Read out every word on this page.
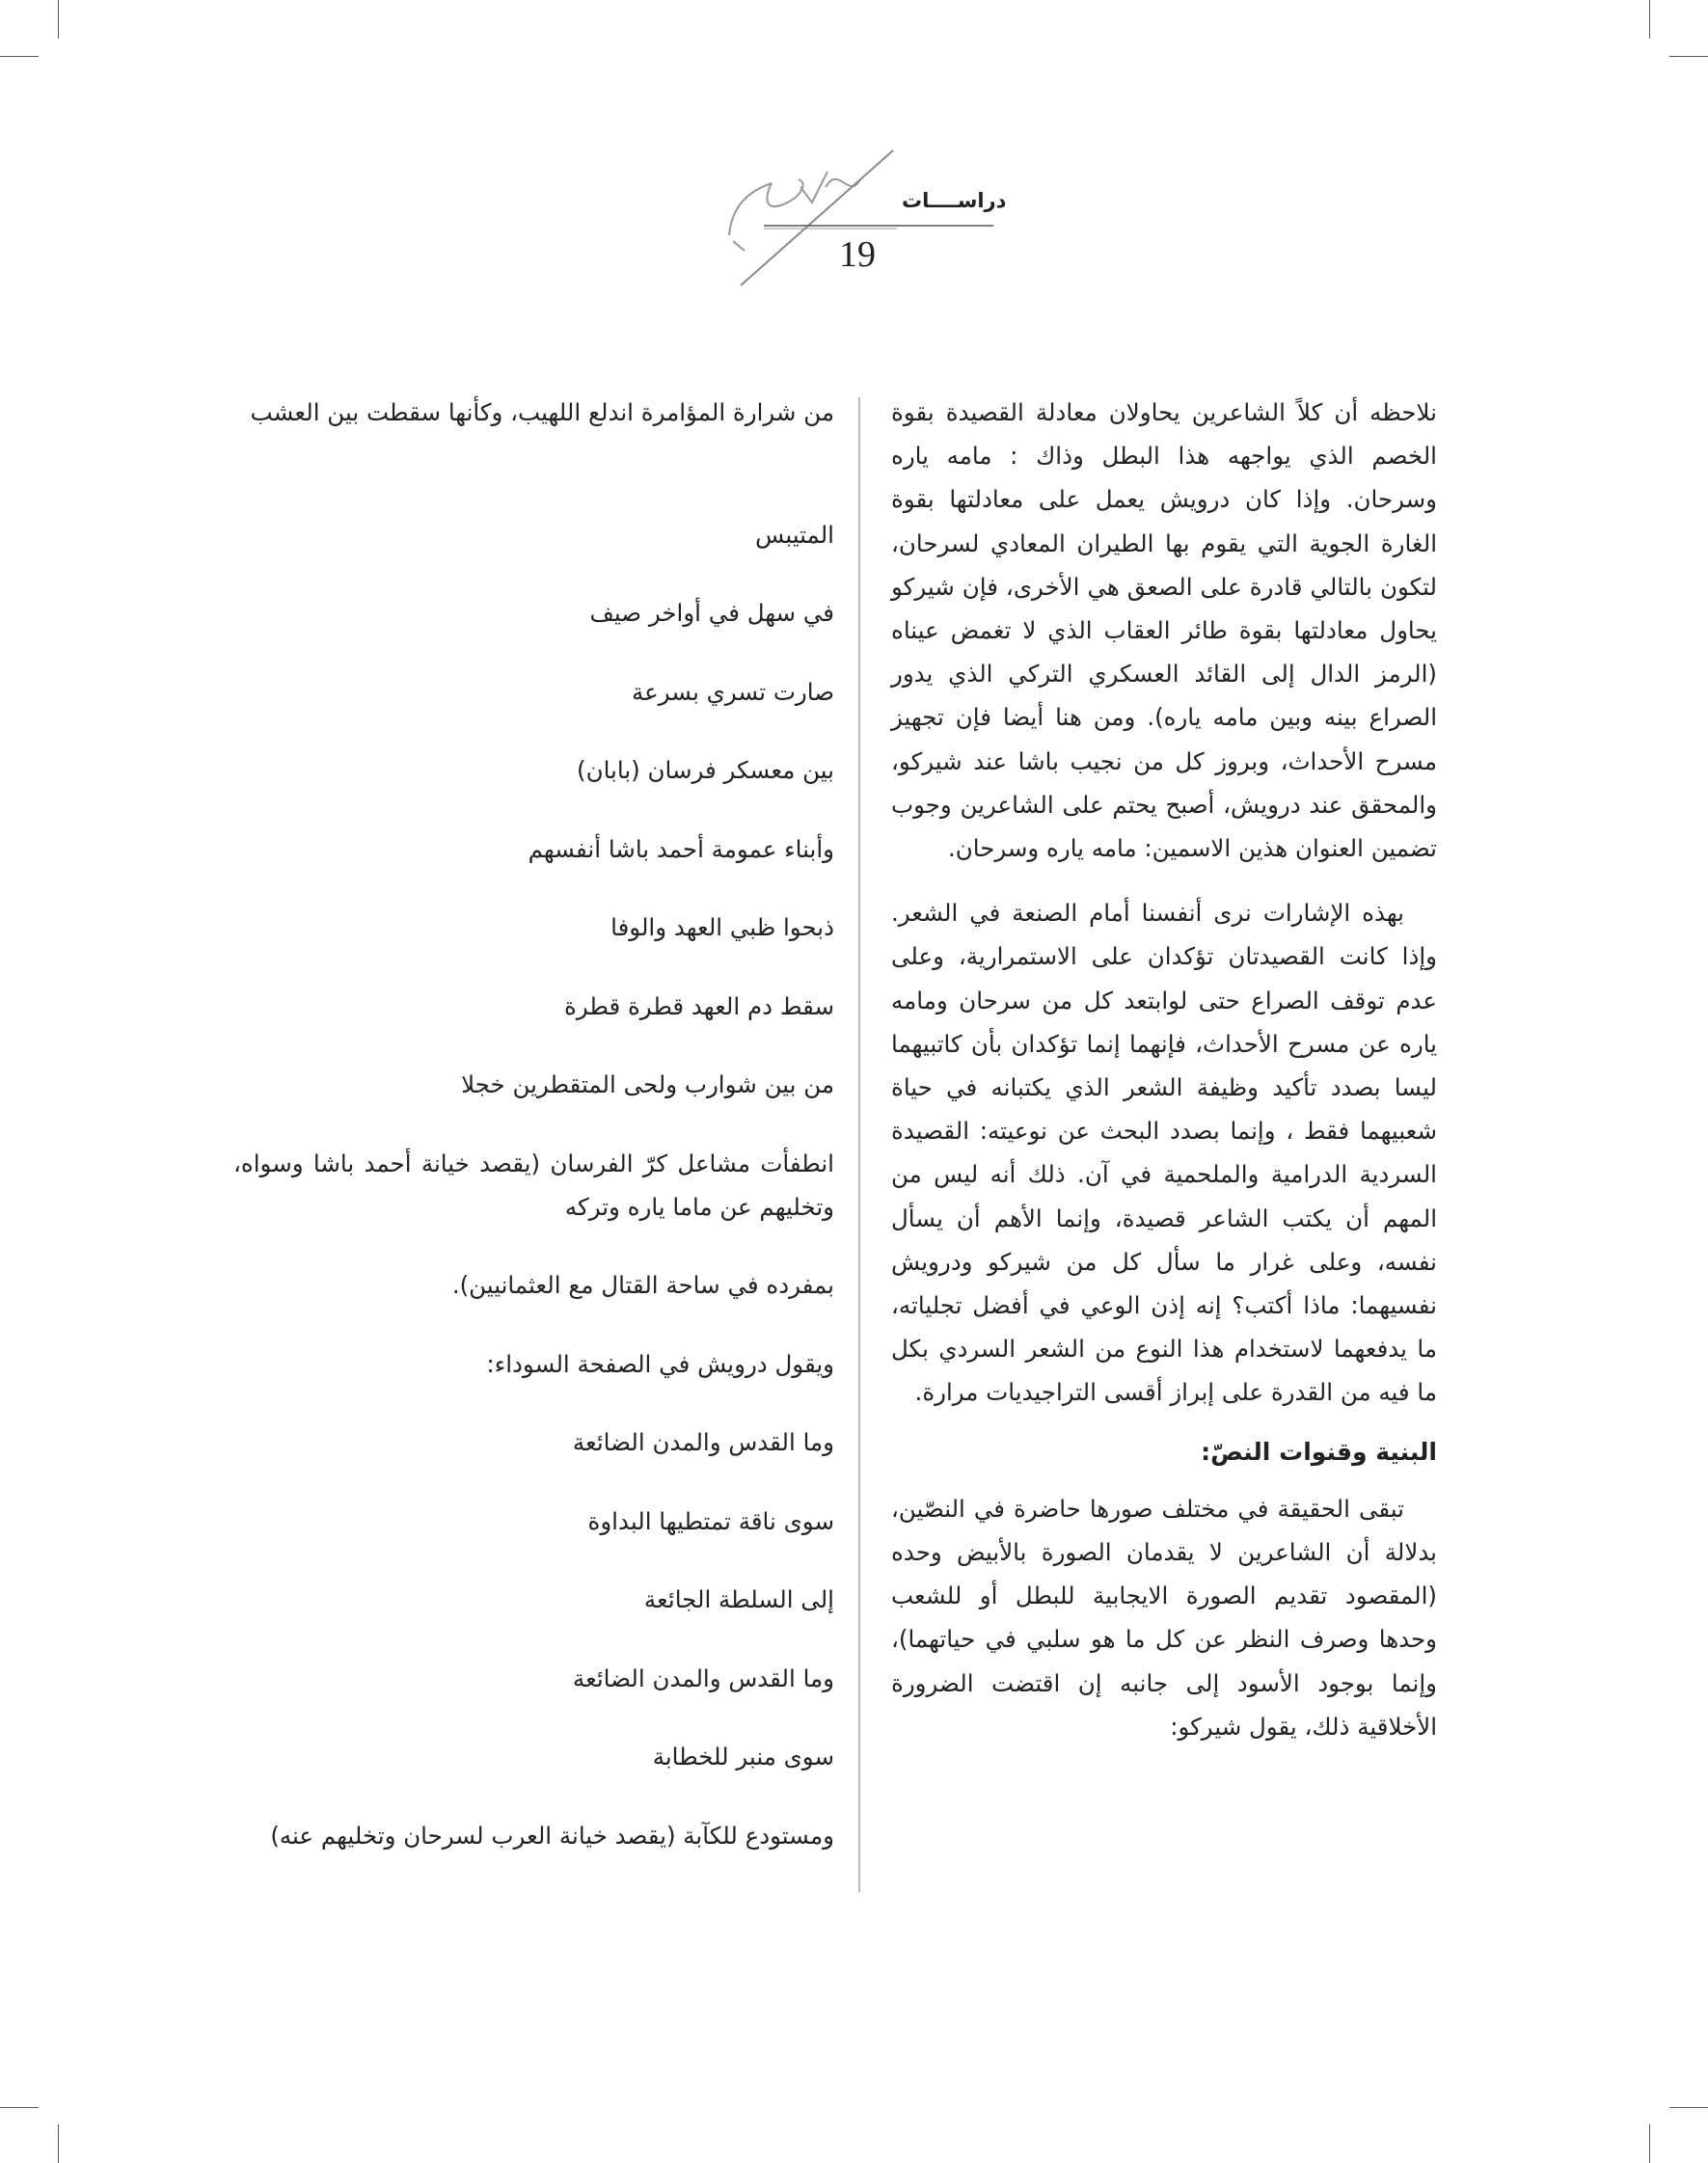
دراســــات
19

نلاحظه أن كلاً الشاعرين يحاولان معادلة القصيدة بقوة الخصم الذي يواجهه هذا البطل وذاك : مامه ياره وسرحان. وإذا كان درويش يعمل على معادلتها بقوة الغارة الجوية التي يقوم بها الطيران المعادي لسرحان، لتكون بالتالي قادرة على الصعق هي الأخرى، فإن شيركو يحاول معادلتها بقوة طائر العقاب الذي لا تغمض عيناه (الرمز الدال إلى القائد العسكري التركي الذي يدور الصراع بينه وبين مامه ياره). ومن هنا أيضا فإن تجهيز مسرح الأحداث، وبروز كل من نجيب باشا عند شيركو، والمحقق عند درويش، أصبح يحتم على الشاعرين وجوب تضمين العنوان هذين الاسمين: مامه ياره وسرحان.

بهذه الإشارات نرى أنفسنا أمام الصنعة في الشعر. وإذا كانت القصيدتان تؤكدان على الاستمرارية، وعلى عدم توقف الصراع حتى لوابتعد كل من سرحان ومامه ياره عن مسرح الأحداث، فإنهما إنما تؤكدان بأن كاتبيهما ليسا بصدد تأكيد وظيفة الشعر الذي يكتبانه في حياة شعبيهما فقط ، وإنما بصدد البحث عن نوعيته: القصيدة السردية الدرامية والملحمية في آن. ذلك أنه ليس من المهم أن يكتب الشاعر قصيدة، وإنما الأهم أن يسأل نفسه، وعلى غرار ما سأل كل من شيركو ودرويش نفسيهما: ماذا أكتب؟ إنه إذن الوعي في أفضل تجلياته، ما يدفعهما لاستخدام هذا النوع من الشعر السردي بكل ما فيه من القدرة على إبراز أقسى التراجيديات مرارة.

البنية وقنوات النصّ:

تبقى الحقيقة في مختلف صورها حاضرة في النصّين، بدلالة أن الشاعرين لا يقدمان الصورة بالأبيض وحده (المقصود تقديم الصورة الايجابية للبطل أو للشعب وحدها وصرف النظر عن كل ما هو سلبي في حياتهما)، وإنما بوجود الأسود إلى جانبه إن اقتضت الضرورة الأخلاقية ذلك، يقول شيركو:

من شرارة المؤامرة اندلع اللهيب، وكأنها سقطت بين العشب
المتيبس
في سهل في أواخر صيف
صارت تسري بسرعة
بين معسكر فرسان (بابان)
وأبناء عمومة أحمد باشا أنفسهم
ذبحوا ظبي العهد والوفا
سقط دم العهد قطرة قطرة
من بين شوارب ولحى المتقطرين خجلا
انطفأت مشاعل كرّ الفرسان (يقصد خيانة أحمد باشا وسواه، وتخليهم عن ماما ياره وتركه
بمفرده في ساحة القتال مع العثمانيين).
ويقول درويش في الصفحة السوداء:
وما القدس والمدن الضائعة
سوى ناقة تمتطيها البداوة
إلى السلطة الجائعة
وما القدس والمدن الضائعة
سوى منبر للخطابة
ومستودع للكآبة (يقصد خيانة العرب لسرحان وتخليهم عنه)
